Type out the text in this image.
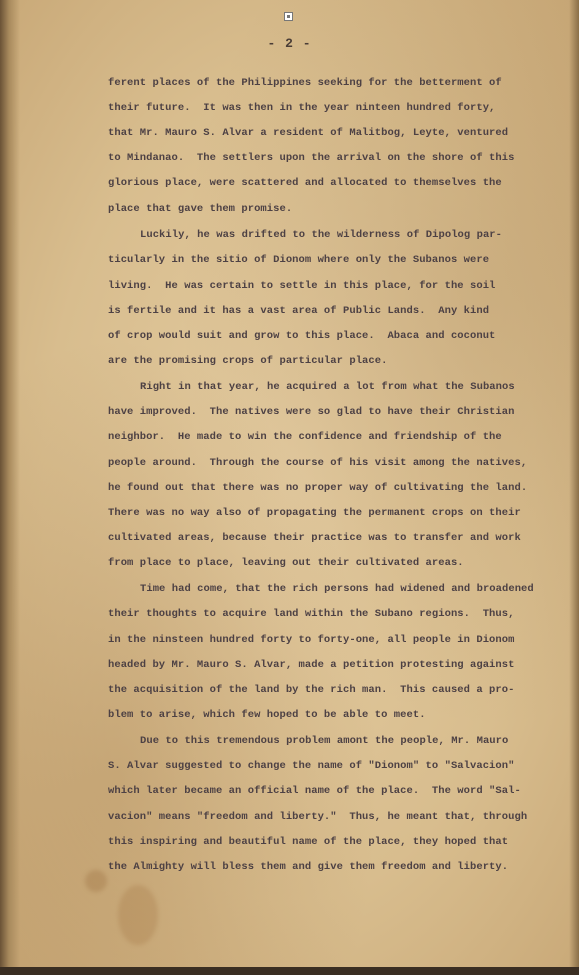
- 2 -
ferent places of the Philippines seeking for the betterment of
their future.  It was then in the year ninteen hundred forty,
that Mr. Mauro S. Alvar a resident of Malitbog, Leyte, ventured
to Mindanao.  The settlers upon the arrival on the shore of this
glorious place, were scattered and allocated to themselves the
place that gave them promise.
Luckily, he was drifted to the wilderness of Dipolog par-
ticularly in the sitio of Dionom where only the Subanos were
living.  He was certain to settle in this place, for the soil
is fertile and it has a vast area of Public Lands.  Any kind
of crop would suit and grow to this place.  Abaca and coconut
are the promising crops of particular place.
Right in that year, he acquired a lot from what the Subanos
have improved.  The natives were so glad to have their Christian
neighbor.  He made to win the confidence and friendship of the
people around.  Through the course of his visit among the natives,
he found out that there was no proper way of cultivating the land.
There was no way also of propagating the permanent crops on their
cultivated areas, because their practice was to transfer and work
from place to place, leaving out their cultivated areas.
Time had come, that the rich persons had widened and broadened
their thoughts to acquire land within the Subano regions.  Thus,
in the ninsteen hundred forty to forty-one, all people in Dionom
headed by Mr. Mauro S. Alvar, made a petition protesting against
the acquisition of the land by the rich man.  This caused a pro-
blem to arise, which few hoped to be able to meet.
Due to this tremendous problem amont the people, Mr. Mauro
S. Alvar suggested to change the name of "Dionom" to "Salvacion"
which later became an official name of the place.  The word "Sal-
vacion" means "freedom and liberty."  Thus, he meant that, through
this inspiring and beautiful name of the place, they hoped that
the Almighty will bless them and give them freedom and liberty.
